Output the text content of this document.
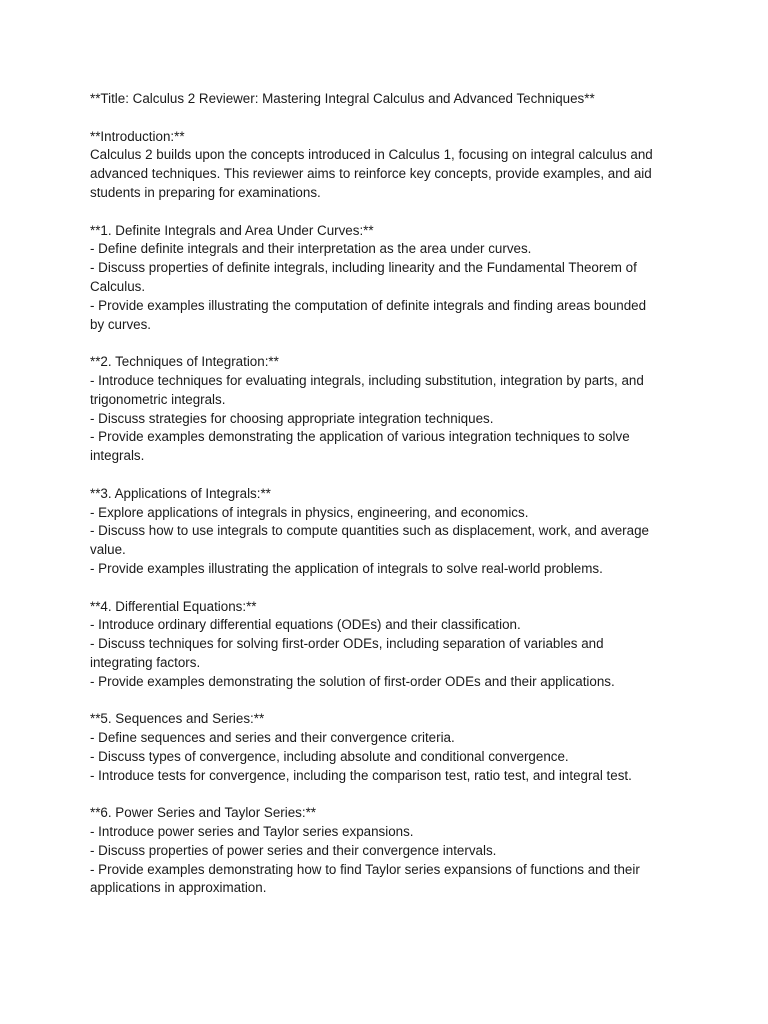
**Title: Calculus 2 Reviewer: Mastering Integral Calculus and Advanced Techniques**
**Introduction:**
Calculus 2 builds upon the concepts introduced in Calculus 1, focusing on integral calculus and
advanced techniques. This reviewer aims to reinforce key concepts, provide examples, and aid
students in preparing for examinations.
**1. Definite Integrals and Area Under Curves:**
- Define definite integrals and their interpretation as the area under curves.
- Discuss properties of definite integrals, including linearity and the Fundamental Theorem of
Calculus.
- Provide examples illustrating the computation of definite integrals and finding areas bounded
by curves.
**2. Techniques of Integration:**
- Introduce techniques for evaluating integrals, including substitution, integration by parts, and
trigonometric integrals.
- Discuss strategies for choosing appropriate integration techniques.
- Provide examples demonstrating the application of various integration techniques to solve
integrals.
**3. Applications of Integrals:**
- Explore applications of integrals in physics, engineering, and economics.
- Discuss how to use integrals to compute quantities such as displacement, work, and average
value.
- Provide examples illustrating the application of integrals to solve real-world problems.
**4. Differential Equations:**
- Introduce ordinary differential equations (ODEs) and their classification.
- Discuss techniques for solving first-order ODEs, including separation of variables and
integrating factors.
- Provide examples demonstrating the solution of first-order ODEs and their applications.
**5. Sequences and Series:**
- Define sequences and series and their convergence criteria.
- Discuss types of convergence, including absolute and conditional convergence.
- Introduce tests for convergence, including the comparison test, ratio test, and integral test.
**6. Power Series and Taylor Series:**
- Introduce power series and Taylor series expansions.
- Discuss properties of power series and their convergence intervals.
- Provide examples demonstrating how to find Taylor series expansions of functions and their
applications in approximation.
